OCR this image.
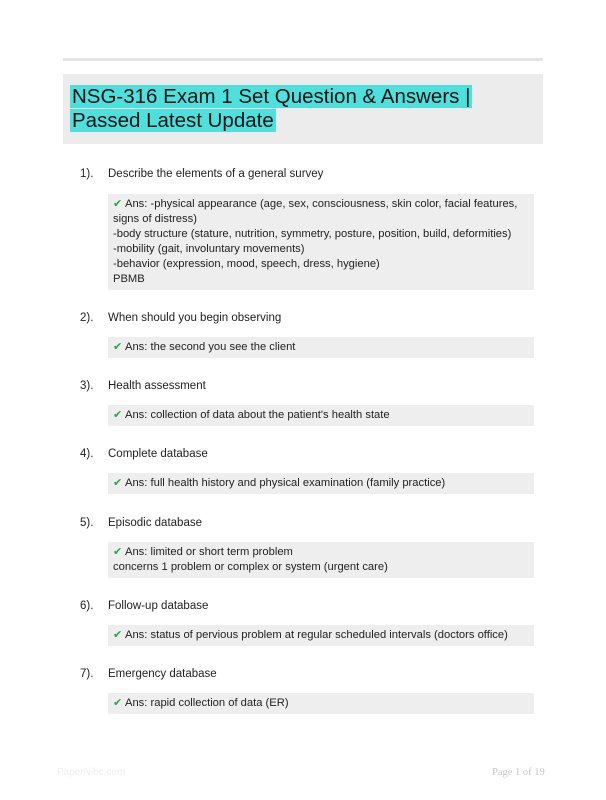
NSG-316 Exam 1 Set Question & Answers | Passed Latest Update
1). Describe the elements of a general survey
✔ Ans: -physical appearance (age, sex, consciousness, skin color, facial features, signs of distress)
-body structure (stature, nutrition, symmetry, posture, position, build, deformities)
-mobility (gait, involuntary movements)
-behavior (expression, mood, speech, dress, hygiene)
PBMB
2). When should you begin observing
✔ Ans: the second you see the client
3). Health assessment
✔ Ans: collection of data about the patient's health state
4). Complete database
✔ Ans: full health history and physical examination (family practice)
5). Episodic database
✔ Ans: limited or short term problem
concerns 1 problem or complex or system (urgent care)
6). Follow-up database
✔ Ans: status of pervious problem at regular scheduled intervals (doctors office)
7). Emergency database
✔ Ans: rapid collection of data (ER)
PaperNibc.com	Page 1 of 19
